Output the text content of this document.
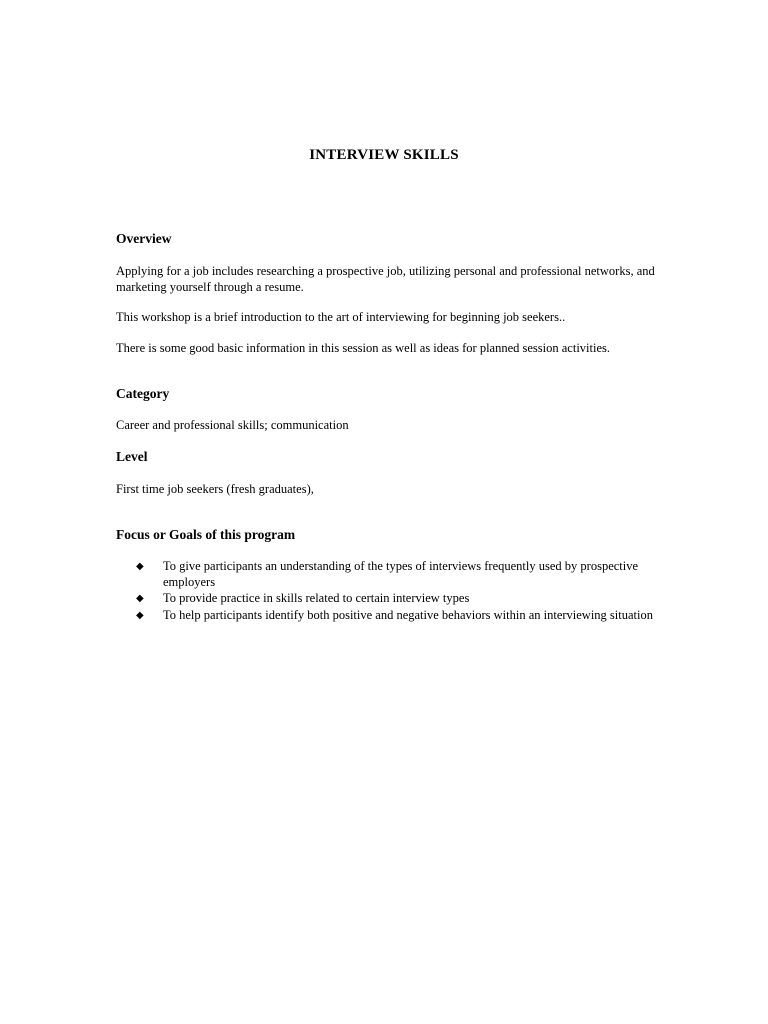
INTERVIEW SKILLS
Overview
Applying for a job includes researching a prospective job, utilizing personal and professional networks, and marketing yourself through a resume.
This workshop is a brief introduction to the art of interviewing for beginning job seekers..
There is some good basic information in this session as well as ideas for planned session activities.
Category
Career and professional skills; communication
Level
First time job seekers (fresh graduates),
Focus or Goals of this program
◆ To give participants an understanding of the types of interviews frequently used by prospective employers
◆ To provide practice in skills related to certain interview types
◆ To help participants identify both positive and negative behaviors within an interviewing situation
